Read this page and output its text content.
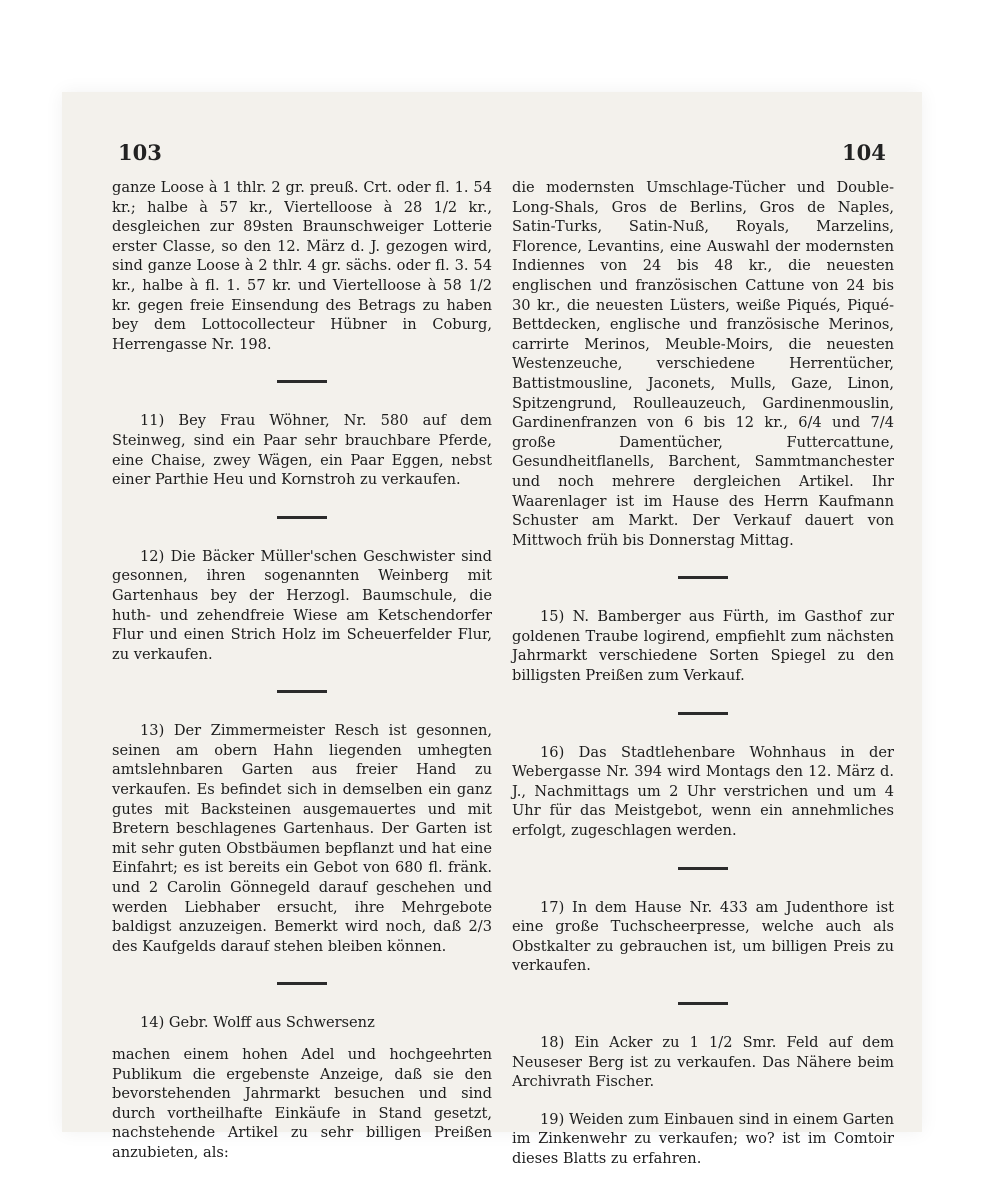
103	104

ganze Loose à 1 thlr. 2 gr. preuß. Crt. oder fl. 1. 54 kr.; halbe à 57 kr., Viertelloose à 28 1/2 kr., desgleichen zur 89sten Braunschweiger Lotterie erster Classe, so den 12. März d. J. gezogen wird, sind ganze Loose à 2 thlr. 4 gr. sächs. oder fl. 3. 54 kr., halbe à fl. 1. 57 kr. und Viertelloose à 58 1/2 kr. gegen freie Einsendung des Betrags zu haben bey dem Lottocollecteur Hübner in Coburg, Herrengasse Nr. 198.

11) Bey Frau Wöhner, Nr. 580 auf dem Steinweg, sind ein Paar sehr brauchbare Pferde, eine Chaise, zwey Wägen, ein Paar Eggen, nebst einer Parthie Heu und Kornstroh zu verkaufen.

12) Die Bäcker Müller'schen Geschwister sind gesonnen, ihren sogenannten Weinberg mit Gartenhaus bey der Herzogl. Baumschule, die huth- und zehendfreie Wiese am Ketschendorfer Flur und einen Strich Holz im Scheuerfelder Flur, zu verkaufen.

13) Der Zimmermeister Resch ist gesonnen, seinen am obern Hahn liegenden umhegten amtslehnbaren Garten aus freier Hand zu verkaufen. Es befindet sich in demselben ein ganz gutes mit Backsteinen ausgemauertes und mit Bretern beschlagenes Gartenhaus. Der Garten ist mit sehr guten Obstbäumen bepflanzt und hat eine Einfahrt; es ist bereits ein Gebot von 680 fl. fränk. und 2 Carolin Gönnegeld darauf geschehen und werden Liebhaber ersucht, ihre Mehrgebote baldigst anzuzeigen. Bemerkt wird noch, daß 2/3 des Kaufgelds darauf stehen bleiben können.

14) Gebr. Wolff aus Schwersenz

machen einem hohen Adel und hochgeehrten Publikum die ergebenste Anzeige, daß sie den bevorstehenden Jahrmarkt besuchen und sind durch vortheilhafte Einkäufe in Stand gesetzt, nachstehende Artikel zu sehr billigen Preißen anzubieten, als:

die modernsten Umschlage-Tücher und Double-Long-Shals, Gros de Berlins, Gros de Naples, Satin-Turks, Satin-Nuß, Royals, Marzelins, Florence, Levantins, eine Auswahl der modernsten Indiennes von 24 bis 48 kr., die neuesten englischen und französischen Cattune von 24 bis 30 kr., die neuesten Lüsters, weiße Piqués, Piqué-Bettdecken, englische und französische Merinos, carrirte Merinos, Meuble-Moirs, die neuesten Westenzeuche, verschiedene Herrentücher, Battistmousline, Jaconets, Mulls, Gaze, Linon, Spitzengrund, Roulleauzeuch, Gardinenmouslin, Gardinenfranzen von 6 bis 12 kr., 6/4 und 7/4 große Damentücher, Futtercattune, Gesundheitflanells, Barchent, Sammtmanchester und noch mehrere dergleichen Artikel. Ihr Waarenlager ist im Hause des Herrn Kaufmann Schuster am Markt. Der Verkauf dauert von Mittwoch früh bis Donnerstag Mittag.

15) N. Bamberger aus Fürth, im Gasthof zur goldenen Traube logirend, empfiehlt zum nächsten Jahrmarkt verschiedene Sorten Spiegel zu den billigsten Preißen zum Verkauf.

16) Das Stadtlehenbare Wohnhaus in der Webergasse Nr. 394 wird Montags den 12. März d. J., Nachmittags um 2 Uhr verstrichen und um 4 Uhr für das Meistgebot, wenn ein annehmliches erfolgt, zugeschlagen werden.

17) In dem Hause Nr. 433 am Judenthore ist eine große Tuchscheerpresse, welche auch als Obstkalter zu gebrauchen ist, um billigen Preis zu verkaufen.

18) Ein Acker zu 1 1/2 Smr. Feld auf dem Neuseser Berg ist zu verkaufen. Das Nähere beim Archivrath Fischer.

19) Weiden zum Einbauen sind in einem Garten im Zinkenwehr zu verkaufen; wo? ist im Comtoir dieses Blatts zu erfahren.
